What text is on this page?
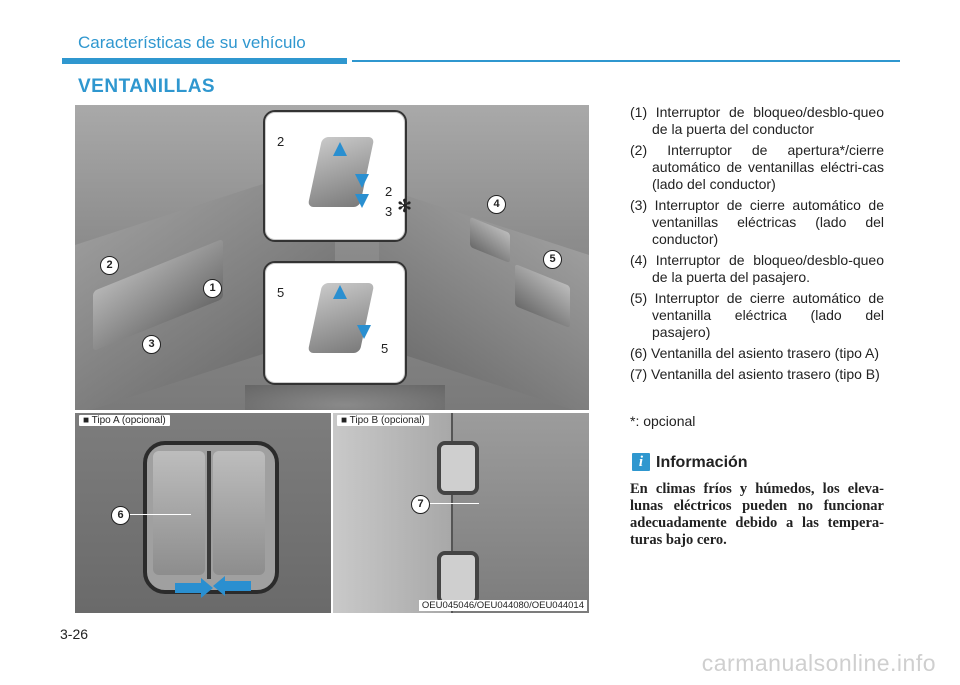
Características de su vehículo
VENTANILLAS
2
2
3 ✻
5
5
2
1
3
4
5
■ Tipo A (opcional)
6
■ Tipo B (opcional)
7
OEU045046/OEU044080/OEU044014
(1) Interruptor de bloqueo/desblo-queo de la puerta del conductor
(2) Interruptor de apertura*/cierre automático de ventanillas eléctri-cas (lado del conductor)
(3) Interruptor de cierre automático de ventanillas eléctricas (lado del conductor)
(4) Interruptor de bloqueo/desblo-queo de la puerta del pasajero.
(5) Interruptor de cierre automático de ventanilla eléctrica (lado del pasajero)
(6) Ventanilla del asiento trasero (tipo A)
(7) Ventanilla del asiento trasero (tipo B)
*: opcional
i Información

En climas fríos y húmedos, los eleva-lunas eléctricos pueden no funcionar adecuadamente debido a las tempera-turas bajo cero.

3-26
carmanualsonline.info
